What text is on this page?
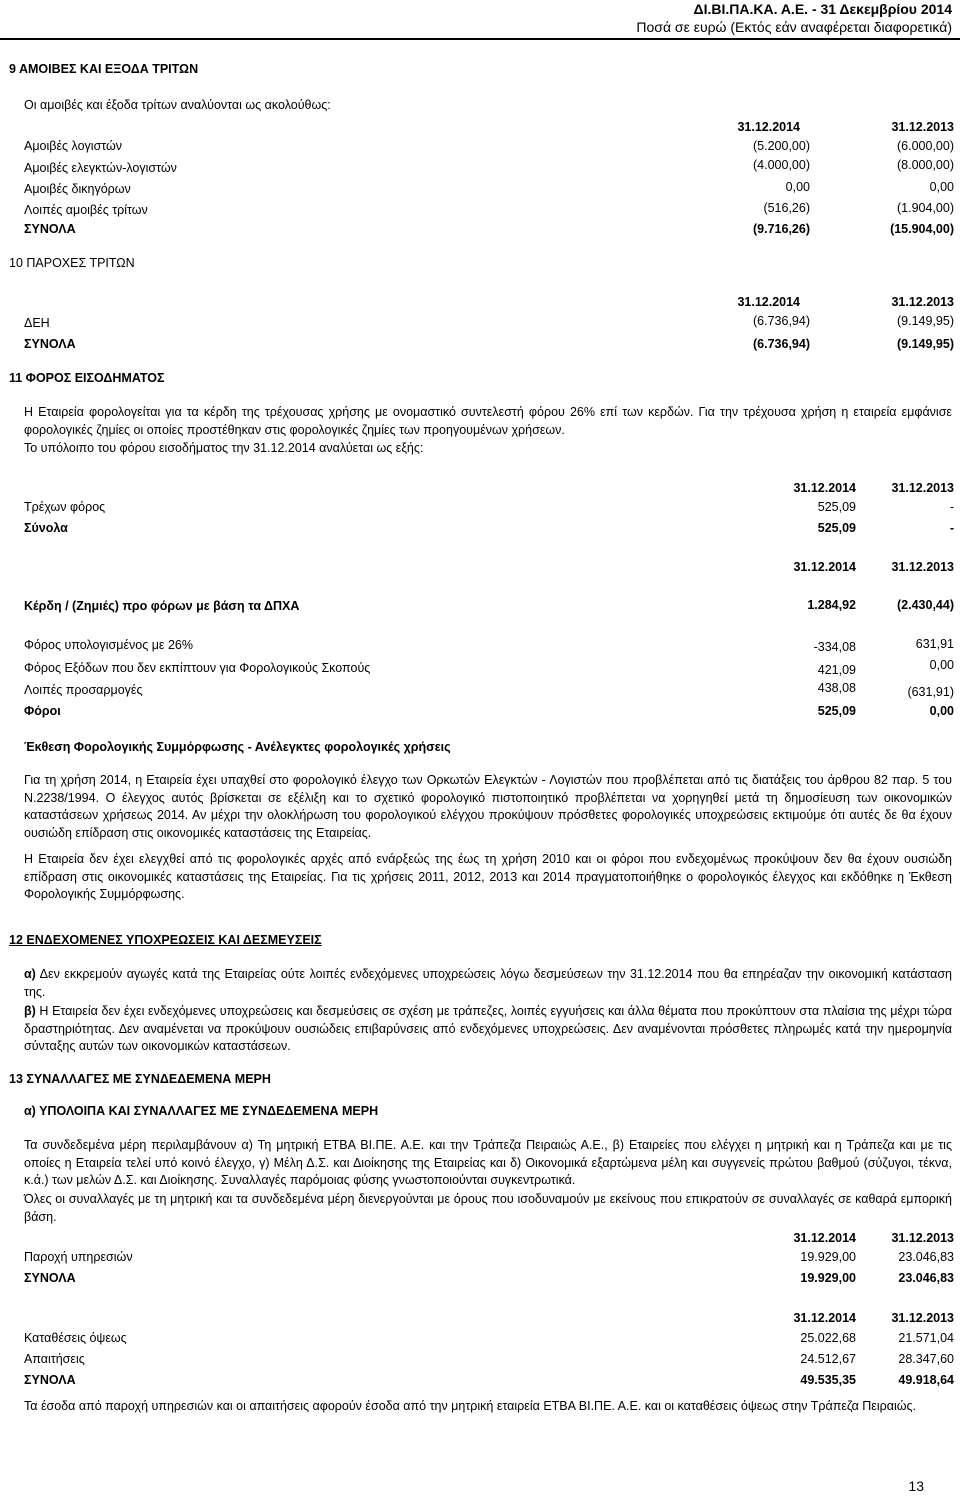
ΔΙ.ΒΙ.ΠΑ.ΚΑ. Α.Ε. - 31 Δεκεμβρίου 2014
Ποσά σε ευρώ (Εκτός εάν αναφέρεται διαφορετικά)
9 ΑΜΟΙΒΕΣ ΚΑΙ ΕΞΟΔΑ ΤΡΙΤΩΝ
Οι αμοιβές και έξοδα τρίτων αναλύονται ως ακολούθως:
31.12.2014	31.12.2013
Αμοιβές λογιστών	(5.200,00)	(6.000,00)
Αμοιβές ελεγκτών-λογιστών	(4.000,00)	(8.000,00)
Αμοιβές δικηγόρων	0,00	0,00
Λοιπές αμοιβές τρίτων	(516,26)	(1.904,00)
ΣΥΝΟΛΑ	(9.716,26)	(15.904,00)
10 ΠΑΡΟΧΕΣ ΤΡΙΤΩΝ
31.12.2014	31.12.2013
ΔΕΗ	(6.736,94)	(9.149,95)
ΣΥΝΟΛΑ	(6.736,94)	(9.149,95)
11 ΦΟΡΟΣ ΕΙΣΟΔΗΜΑΤΟΣ
Η Εταιρεία φορολογείται για τα κέρδη της τρέχουσας χρήσης με ονομαστικό συντελεστή φόρου 26% επί των κερδών. Για την τρέχουσα χρήση η εταιρεία εμφάνισε φορολογικές ζημίες οι οποίες προστέθηκαν στις φορολογικές ζημίες των προηγουμένων χρήσεων.
Το υπόλοιπο του φόρου εισοδήματος την 31.12.2014 αναλύεται ως εξής:
31.12.2014	31.12.2013
Τρέχων φόρος	525,09	-
Σύνολα	525,09	-
31.12.2014	31.12.2013
Κέρδη / (Ζημιές) προ φόρων με βάση τα ΔΠΧΑ	1.284,92	(2.430,44)
Φόρος υπολογισμένος με 26%	-334,08	631,91
Φόρος Εξόδων που δεν εκπίπτουν για Φορολογικούς Σκοπούς	421,09	0,00
Λοιπές προσαρμογές	438,08	(631,91)
Φόροι	525,09	0,00
Έκθεση Φορολογικής Συμμόρφωσης - Ανέλεγκτες φορολογικές χρήσεις
Για τη χρήση 2014, η Εταιρεία έχει υπαχθεί στο φορολογικό έλεγχο των Ορκωτών Ελεγκτών - Λογιστών που προβλέπεται από τις διατάξεις του άρθρου 82 παρ. 5 του Ν.2238/1994. Ο έλεγχος αυτός βρίσκεται σε εξέλιξη και το σχετικό φορολογικό πιστοποιητικό προβλέπεται να χορηγηθεί μετά τη δημοσίευση των οικονομικών καταστάσεων χρήσεως 2014. Αν μέχρι την ολοκλήρωση του φορολογικού ελέγχου προκύψουν πρόσθετες φορολογικές υποχρεώσεις εκτιμούμε ότι αυτές δε θα έχουν ουσιώδη επίδραση στις οικονομικές καταστάσεις της Εταιρείας.
Η Εταιρεία δεν έχει ελεγχθεί από τις φορολογικές αρχές από ενάρξεώς της έως τη χρήση 2010 και οι φόροι που ενδεχομένως προκύψουν δεν θα έχουν ουσιώδη επίδραση στις οικονομικές καταστάσεις της Εταιρείας. Για τις χρήσεις 2011, 2012, 2013 και 2014 πραγματοποιήθηκε ο φορολογικός έλεγχος και εκδόθηκε η Έκθεση Φορολογικής Συμμόρφωσης.
12 ΕΝΔΕΧΟΜΕΝΕΣ ΥΠΟΧΡΕΩΣΕΙΣ ΚΑΙ ΔΕΣΜΕΥΣΕΙΣ
α) Δεν εκκρεμούν αγωγές κατά της Εταιρείας ούτε λοιπές ενδεχόμενες υποχρεώσεις λόγω δεσμεύσεων την 31.12.2014 που θα επηρέαζαν την οικονομική κατάσταση της.
β) Η Εταιρεία δεν έχει ενδεχόμενες υποχρεώσεις και δεσμεύσεις σε σχέση με τράπεζες, λοιπές εγγυήσεις και άλλα θέματα που προκύπτουν στα πλαίσια της μέχρι τώρα δραστηριότητας. Δεν αναμένεται να προκύψουν ουσιώδεις επιβαρύνσεις από ενδεχόμενες υποχρεώσεις. Δεν αναμένονται πρόσθετες πληρωμές κατά την ημερομηνία σύνταξης αυτών των οικονομικών καταστάσεων.
13 ΣΥΝΑΛΛΑΓΕΣ ΜΕ ΣΥΝΔΕΔΕΜΕΝΑ ΜΕΡΗ
α) ΥΠΟΛΟΙΠΑ ΚΑΙ ΣΥΝΑΛΛΑΓΕΣ ΜΕ ΣΥΝΔΕΔΕΜΕΝΑ ΜΕΡΗ
Τα συνδεδεμένα μέρη περιλαμβάνουν α) Τη μητρική ΕΤΒΑ ΒΙ.ΠΕ. Α.Ε. και την Τράπεζα Πειραιώς Α.Ε., β) Εταιρείες που ελέγχει η μητρική και η Τράπεζα και με τις οποίες η Εταιρεία τελεί υπό κοινό έλεγχο, γ) Μέλη Δ.Σ. και Διοίκησης της Εταιρείας και δ) Οικονομικά εξαρτώμενα μέλη και συγγενείς πρώτου βαθμού (σύζυγοι, τέκνα, κ.ά.) των μελών Δ.Σ. και Διοίκησης. Συναλλαγές παρόμοιας φύσης γνωστοποιούνται συγκεντρωτικά.
Όλες οι συναλλαγές με τη μητρική και τα συνδεδεμένα μέρη διενεργούνται με όρους που ισοδυναμούν με εκείνους που επικρατούν σε συναλλαγές σε καθαρά εμπορική βάση.
31.12.2014	31.12.2013
Παροχή υπηρεσιών	19.929,00	23.046,83
ΣΥΝΟΛΑ	19.929,00	23.046,83
31.12.2014	31.12.2013
Καταθέσεις όψεως	25.022,68	21.571,04
Απαιτήσεις	24.512,67	28.347,60
ΣΥΝΟΛΑ	49.535,35	49.918,64
Τα έσοδα από παροχή υπηρεσιών και οι απαιτήσεις αφορούν έσοδα από την μητρική εταιρεία ΕΤΒΑ ΒΙ.ΠΕ. Α.Ε. και οι καταθέσεις όψεως στην Τράπεζα Πειραιώς.
13
